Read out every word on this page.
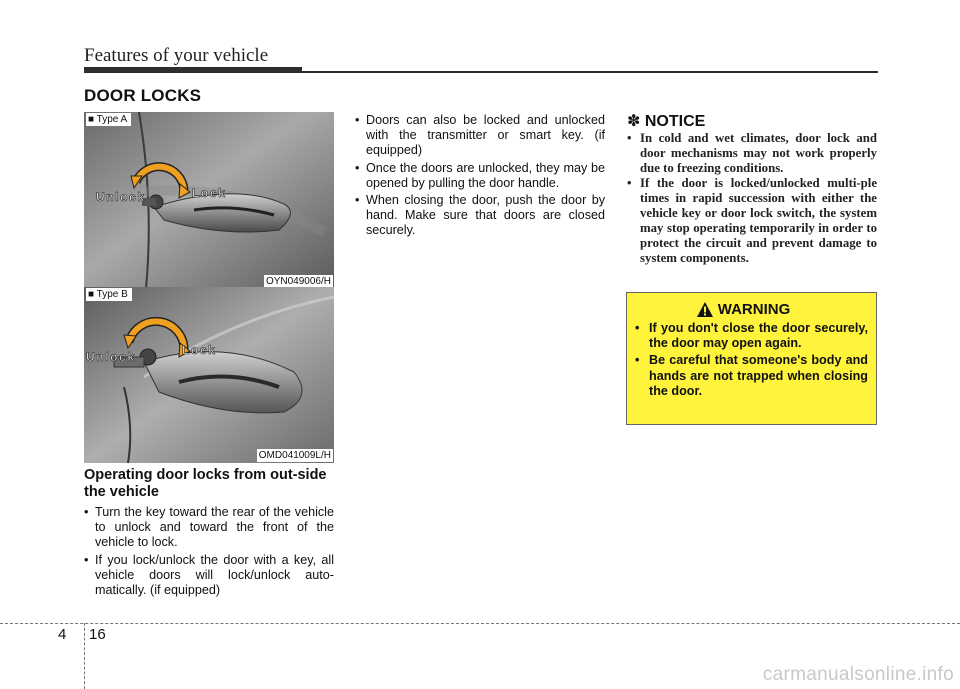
Features of your vehicle
DOOR LOCKS
Unlock	Lock
■ Type A
OYN049006/H
Unlock	Lock
■ Type B
OMD041009L/H
Operating door locks from out-side the vehicle
• Turn the key toward the rear of the vehicle to unlock and toward the front of the vehicle to lock.
• If you lock/unlock the door with a key, all vehicle doors will lock/unlock auto-matically. (if equipped)
• Doors can also be locked and unlocked with the transmitter or smart key. (if equipped)
• Once the doors are unlocked, they may be opened by pulling the door handle.
• When closing the door, push the door by hand. Make sure that doors are closed securely.
✽ NOTICE
• In cold and wet climates, door lock and door mechanisms may not work properly due to freezing conditions.
• If the door is locked/unlocked multi-ple times in rapid succession with either the vehicle key or door lock switch, the system may stop operating temporarily in order to protect the circuit and prevent damage to system components.
WARNING
• If you don't close the door securely, the door may open again.
• Be careful that someone's body and hands are not trapped when closing the door.
4 16
carmanualsonline.info
